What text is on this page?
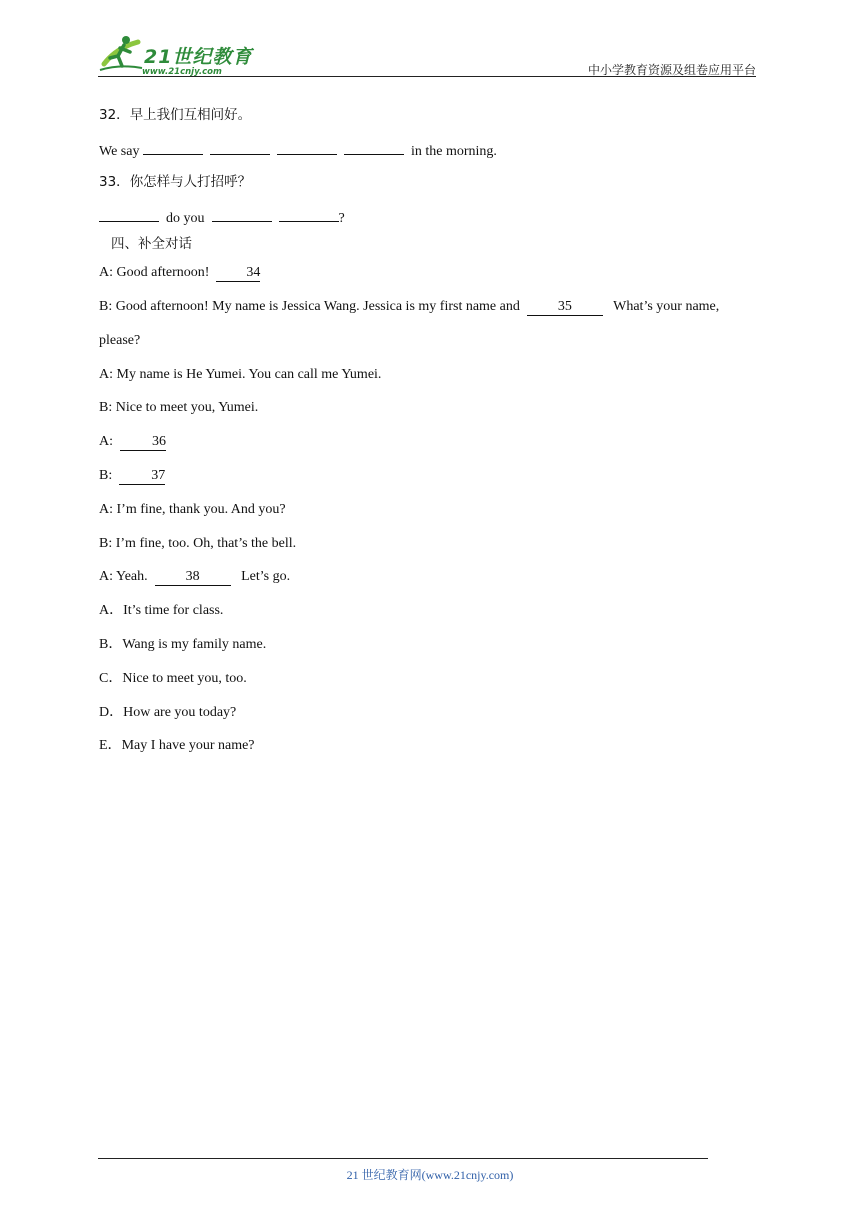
21世纪教育
www.21cnjy.com	中小学教育资源及组卷应用平台
32．早上我们互相问好。
We say	in the morning.
33．你怎样与人打招呼？
do you	?
四、补全对话
A: Good afternoon!	34
B: Good afternoon! My name is Jessica Wang. Jessica is my first name and	35	What’s your name,
please?
A: My name is He Yumei. You can call me Yumei.
B: Nice to meet you, Yumei.
A:	36
B:	37
A: I’m fine, thank you. And you?
B: I’m fine, too. Oh, that’s the bell.
A: Yeah.	38	Let’s go.
A．It’s time for class.
B．Wang is my family name.
C．Nice to meet you, too.
D．How are you today?
E．May I have your name?
21 世纪教育网(www.21cnjy.com)
